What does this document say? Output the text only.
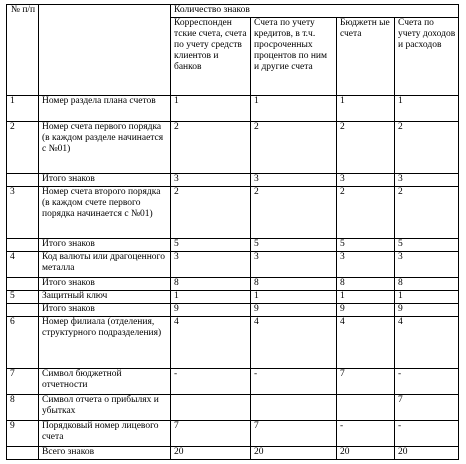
№ п/п		Количество знаков			
		Корреспонден тские счета, счета по учету средств клиентов и банков	Счета по учету кредитов, в т.ч. просроченных процентов по ним и другие счета	Бюджетн ые счета	Счета по учету доходов и расходов
1	Номер раздела плана счетов	1	1	1	1
2	Номер счета первого порядка (в каждом разделе начинается с №01)	2	2	2	2
	Итого знаков	3	3	3	3
3	Номер счета второго порядка (в каждом счете первого порядка начинается с №01)	2	2	2	2
	Итого знаков	5	5	5	5
4	Код валюты или драгоценного металла	3	3	3	3
	Итого знаков	8	8	8	8
5	Защитный ключ	1	1	1	1
	Итого знаков	9	9	9	9
6	Номер филиала (отделения, структурного подразделения)	4	4	4	4
7	Символ бюджетной отчетности	-	-	7	-
8	Символ отчета о прибылях и убытках				7
9	Порядковый номер лицевого счета	7	7	-	-
	Всего знаков	20	20	20	20
